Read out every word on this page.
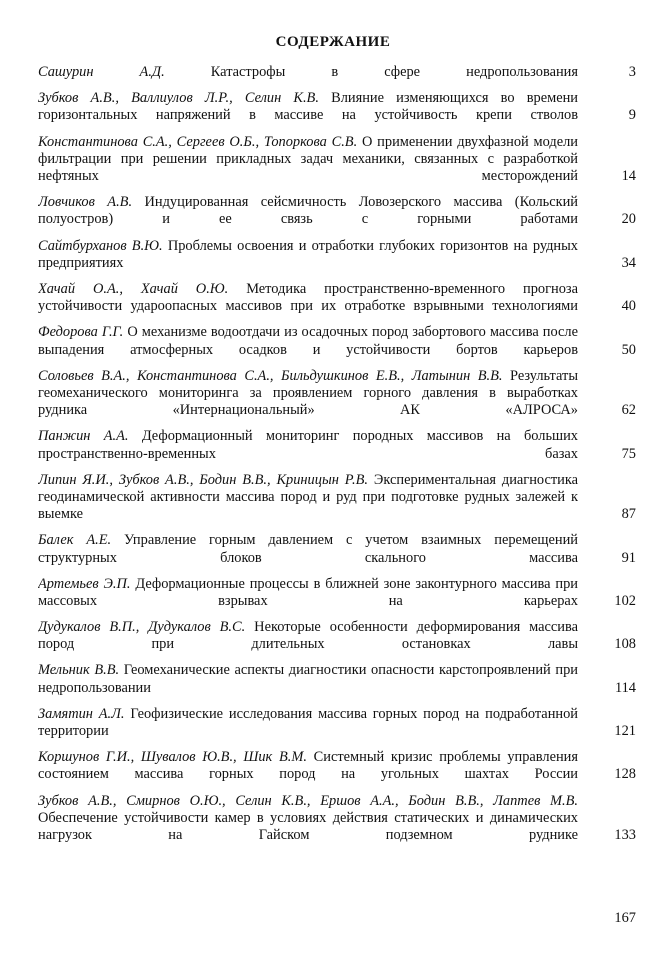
СОДЕРЖАНИЕ
Сашурин А.Д.	Катастрофы в сфере недропользования .....	3
Зубков А.В., Валлиулов Л.Р., Селин К.В. Влияние изменяющихся во времени горизонтальных напряжений в массиве на устойчивость крепи стволов .....	9
Константинова С.А., Сергеев О.Б., Топоркова С.В. О применении двухфазной модели фильтрации при решении прикладных задач механики, связанных с разработкой нефтяных месторождений .....	14
Ловчиков А.В. Индуцированная сейсмичность Ловозерского массива (Кольский полуостров) и ее связь с горными работами .....	20
Сайтбурханов В.Ю. Проблемы освоения и отработки глубоких горизонтов на рудных предприятиях .....	34
Хачай О.А., Хачай О.Ю. Методика пространственно-временного прогноза устойчивости удароопасных массивов при их отработке взрывными технологиями .....	40
Федорова Г.Г. О механизме водоотдачи из осадочных пород забортового массива после выпадения атмосферных осадков и устойчивости бортов карьеров .....	50
Соловьев В.А., Константинова С.А., Бильдушкинов Е.В., Латынин В.В. Результаты геомеханического мониторинга за проявлением горного давления в выработках рудника «Интернациональный» АК «АЛРОСА» .....	62
Панжин А.А. Деформационный мониторинг породных массивов на больших пространственно-временных базах .....	75
Липин Я.И., Зубков А.В., Бодин В.В., Криницын Р.В. Экспериментальная диагностика геодинамической активности массива пород и руд при подготовке рудных залежей к выемке .....	87
Балек А.Е. Управление горным давлением с учетом взаимных перемещений структурных блоков скального массива .....	91
Артемьев Э.П. Деформационные процессы в ближней зоне законтурного массива при массовых взрывах на карьерах .....	102
Дудукалов В.П., Дудукалов В.С. Некоторые особенности деформирования массива пород при длительных остановках лавы .....	108
Мельник В.В. Геомеханические аспекты диагностики опасности карстопроявлений при недропользовании .....	114
Замятин А.Л. Геофизические исследования массива горных пород на подработанной территории .....	121
Коршунов Г.И., Шувалов Ю.В., Шик В.М. Системный кризис проблемы управления состоянием массива горных пород на угольных шахтах России .....	128
Зубков А.В., Смирнов О.Ю., Селин К.В., Ершов А.А., Бодин В.В., Лаптев М.В. Обеспечение устойчивости камер в условиях действия статических и динамических нагрузок на Гайском подземном руднике .....	133
167
